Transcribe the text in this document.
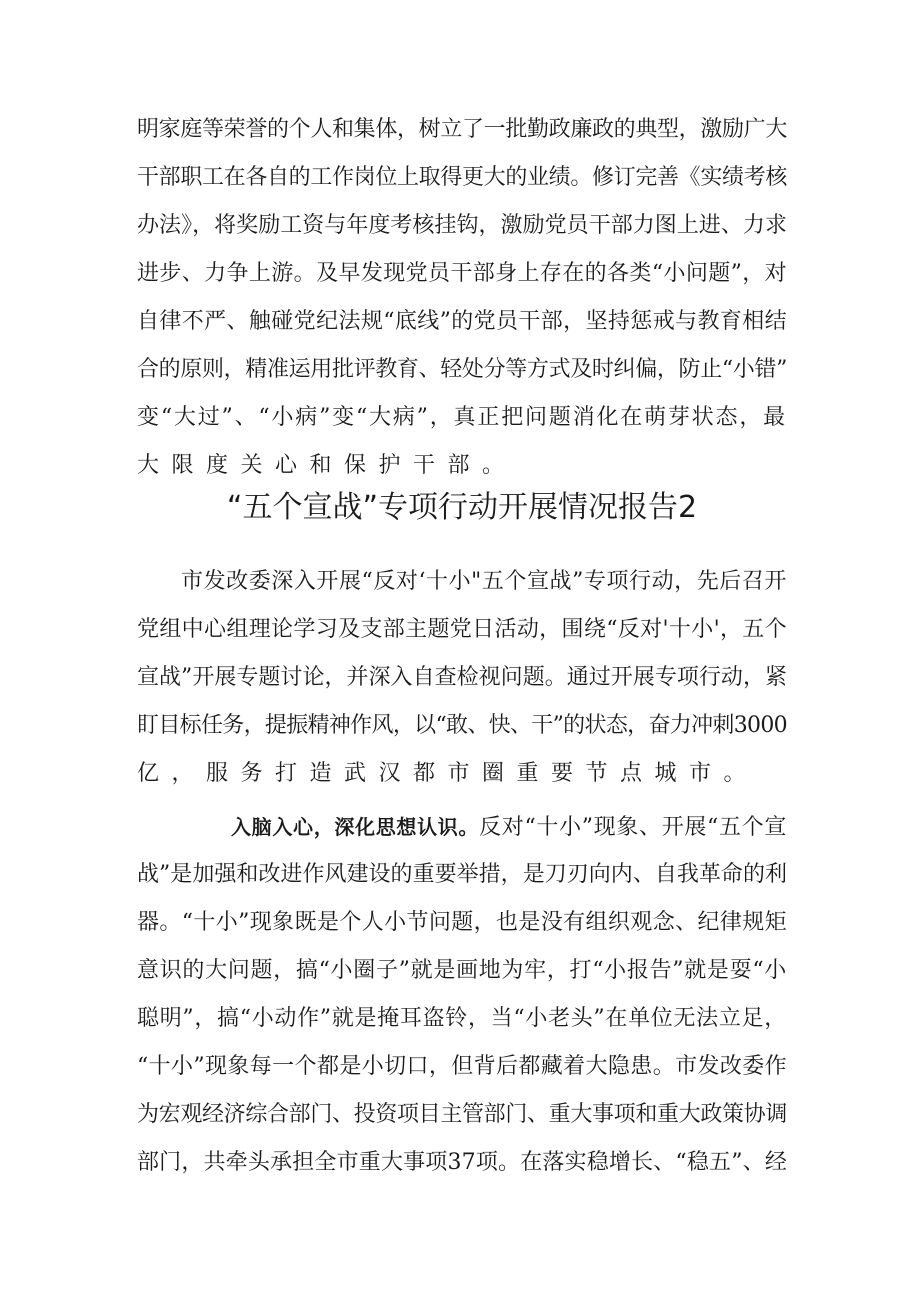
明家庭等荣誉的个人和集体，树立了一批勤政廉政的典型，激励广大
干部职工在各自的工作岗位上取得更大的业绩。修订完善《实绩考核
办法》，将奖励工资与年度考核挂钩，激励党员干部力图上进、力求
进步、力争上游。及早发现党员干部身上存在的各类“小问题”，对
自律不严、触碰党纪法规“底线”的党员干部，坚持惩戒与教育相结
合的原则，精准运用批评教育、轻处分等方式及时纠偏，防止“小错”
变“大过”、“小病”变“大病”，真正把问题消化在萌芽状态，最
大限度关心和保护干部。
“五个宣战”专项行动开展情况报告2
市发改委深入开展“反对‘十小"五个宣战”专项行动，先后召开
党组中心组理论学习及支部主题党日活动，围绕“反对'十小'，五个
宣战”开展专题讨论，并深入自查检视问题。通过开展专项行动，紧
盯目标任务，提振精神作风，以“敢、快、干”的状态，奋力冲刺3000
亿，服务打造武汉都市圈重要节点城市。
入脑入心，深化思想认识。反对“十小”现象、开展“五个宣
战”是加强和改进作风建设的重要举措，是刀刃向内、自我革命的利
器。“十小”现象既是个人小节问题，也是没有组织观念、纪律规矩
意识的大问题，搞“小圈子”就是画地为牢，打“小报告”就是耍“小
聪明”，搞“小动作”就是掩耳盗铃，当“小老头”在单位无法立足，
“十小”现象每一个都是小切口，但背后都藏着大隐患。市发改委作
为宏观经济综合部门、投资项目主管部门、重大事项和重大政策协调
部门，共牵头承担全市重大事项37项。在落实稳增长、“稳五”、经
